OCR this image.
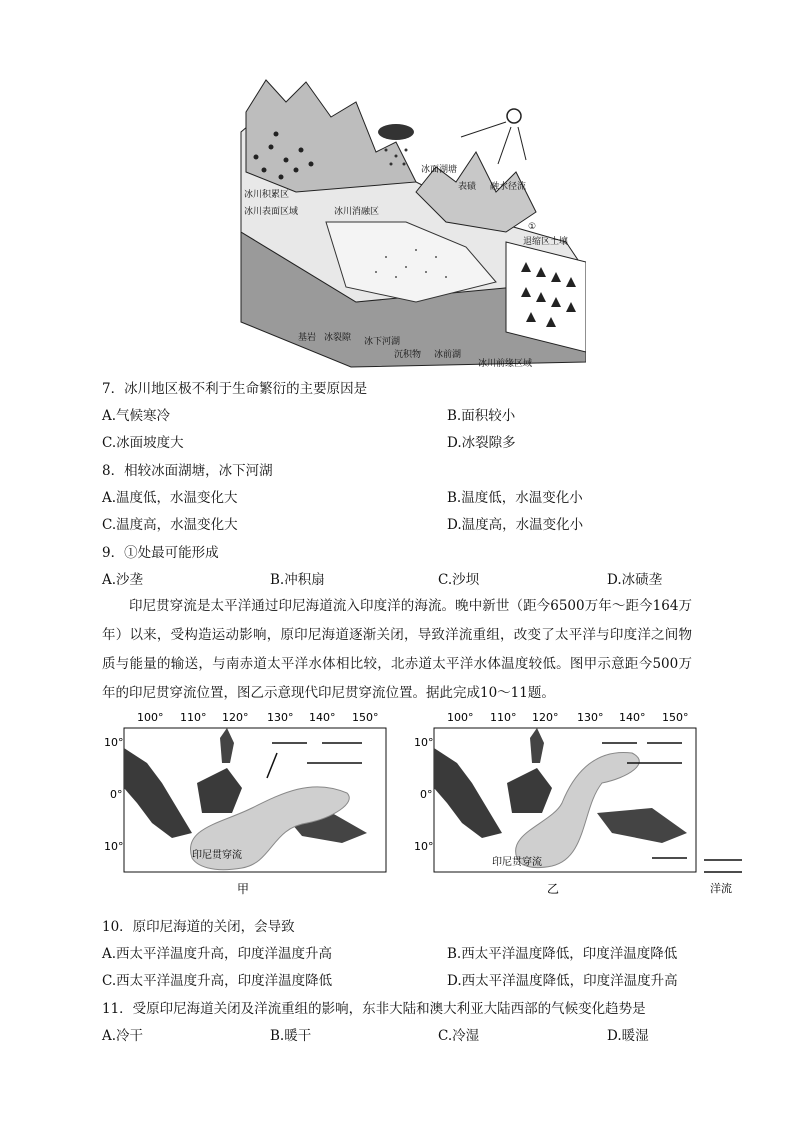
冰面湖塘
表碛 融水径流
冰川积累区
冰川表面区域	冰川消融区
①
退缩区土壤
基岩 冰裂隙 冰下河湖
沉积物 冰前湖
冰川前缘区域
7．冰川地区极不利于生命繁衍的主要原因是
A.气候寒冷	B.面积较小
C.冰面坡度大	D.冰裂隙多
8．相较冰面湖塘，冰下河湖
A.温度低，水温变化大	B.温度低，水温变化小
C.温度高，水温变化大	D.温度高，水温变化小
9．①处最可能形成
A.沙垄	B.冲积扇	C.沙坝	D.冰碛垄
印尼贯穿流是太平洋通过印尼海道流入印度洋的海流。晚中新世（距今6500万年～距今164万年）以来，受构造运动影响，原印尼海道逐渐关闭，导致洋流重组，改变了太平洋与印度洋之间物质与能量的输送，与南赤道太平洋水体相比较，北赤道太平洋水体温度较低。图甲示意距今500万年的印尼贯穿流位置，图乙示意现代印尼贯穿流位置。据此完成10～11题。
100° 110° 120° 130° 140° 150°
10°
0°
10°
印尼贯穿流
甲
100° 110° 120° 130° 140° 150°
10°
0°
10°
印尼贯穿流
乙	洋流
10．原印尼海道的关闭，会导致
A.西太平洋温度升高，印度洋温度升高	B.西太平洋温度降低，印度洋温度降低
C.西太平洋温度升高，印度洋温度降低	D.西太平洋温度降低，印度洋温度升高
11．受原印尼海道关闭及洋流重组的影响，东非大陆和澳大利亚大陆西部的气候变化趋势是
A.冷干	B.暖干	C.冷湿	D.暖湿
